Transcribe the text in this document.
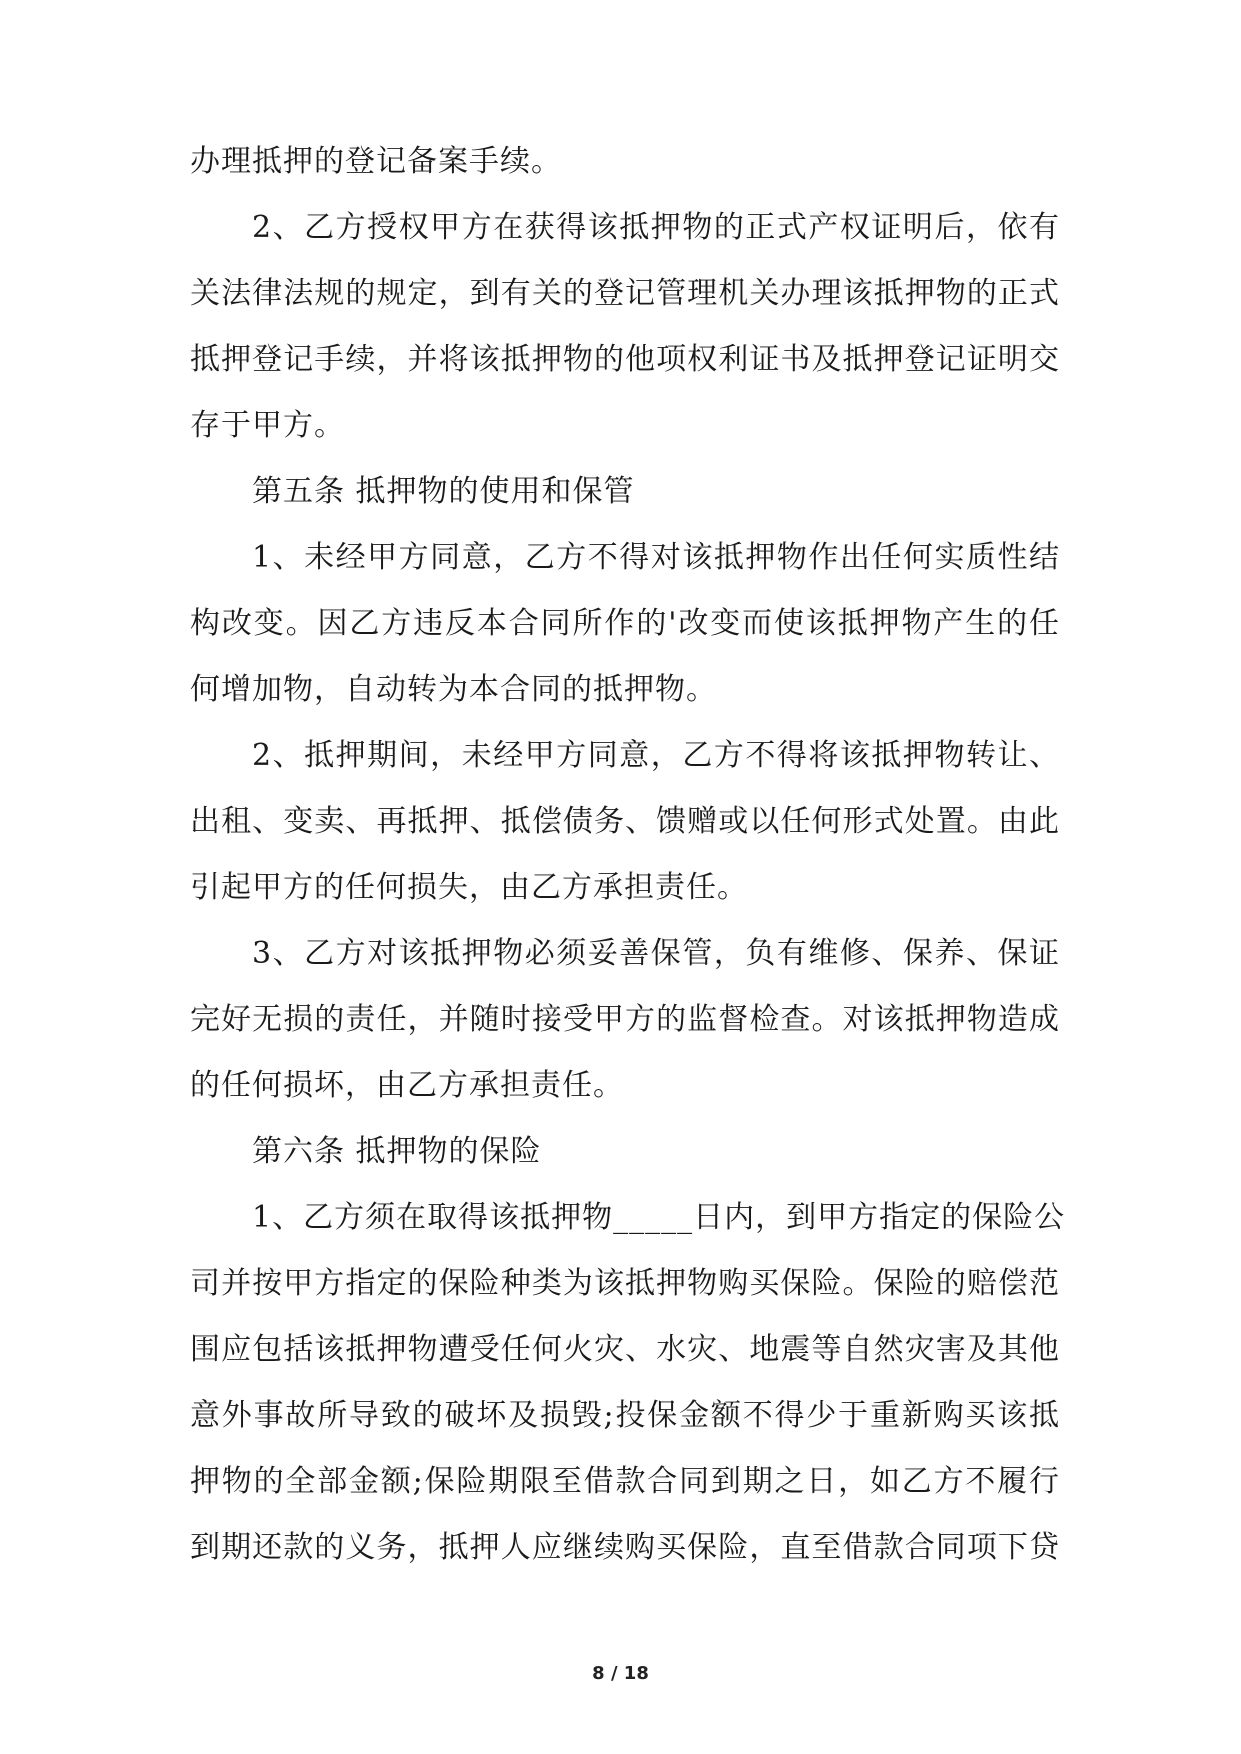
办理抵押的登记备案手续。
2、乙方授权甲方在获得该抵押物的正式产权证明后，依有
关法律法规的规定，到有关的登记管理机关办理该抵押物的正式
抵押登记手续，并将该抵押物的他项权利证书及抵押登记证明交
存于甲方。
第五条 抵押物的使用和保管
1、未经甲方同意，乙方不得对该抵押物作出任何实质性结
构改变。因乙方违反本合同所作的'改变而使该抵押物产生的任
何增加物，自动转为本合同的抵押物。
2、抵押期间，未经甲方同意，乙方不得将该抵押物转让、
出租、变卖、再抵押、抵偿债务、馈赠或以任何形式处置。由此
引起甲方的任何损失，由乙方承担责任。
3、乙方对该抵押物必须妥善保管，负有维修、保养、保证
完好无损的责任，并随时接受甲方的监督检查。对该抵押物造成
的任何损坏，由乙方承担责任。
第六条 抵押物的保险
1、乙方须在取得该抵押物_____日内，到甲方指定的保险公
司并按甲方指定的保险种类为该抵押物购买保险。保险的赔偿范
围应包括该抵押物遭受任何火灾、水灾、地震等自然灾害及其他
意外事故所导致的破坏及损毁;投保金额不得少于重新购买该抵
押物的全部金额;保险期限至借款合同到期之日，如乙方不履行
到期还款的义务，抵押人应继续购买保险，直至借款合同项下贷
8 / 18
